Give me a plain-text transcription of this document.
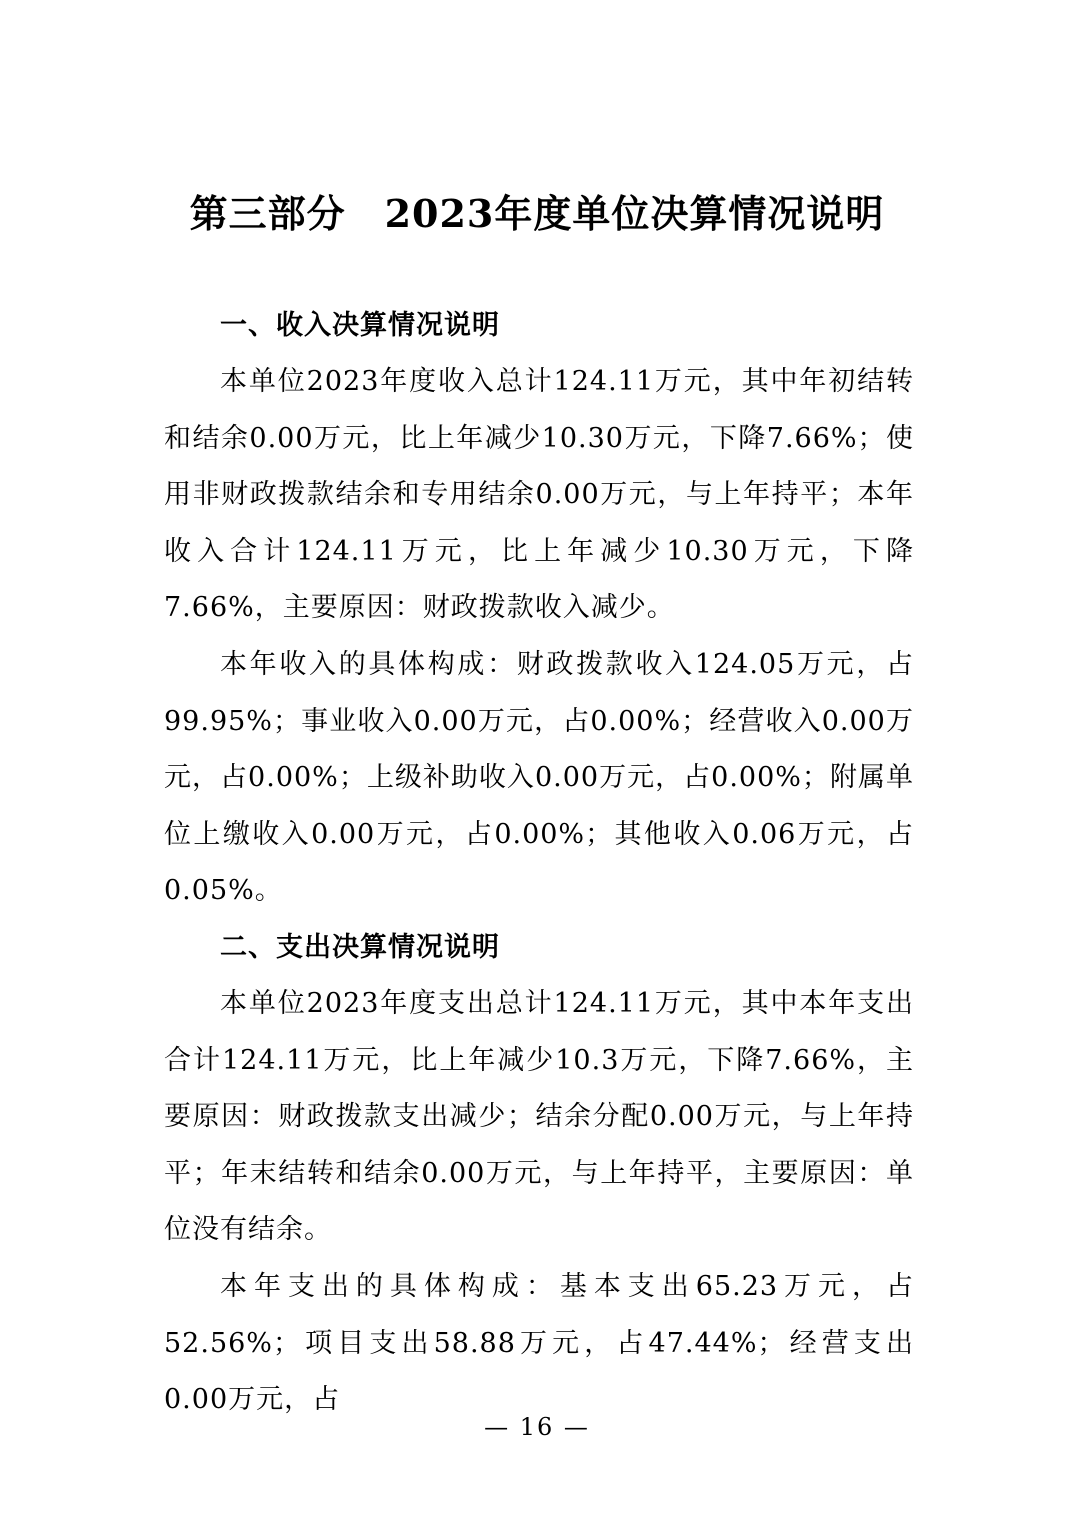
第三部分　2023年度单位决算情况说明
一、收入决算情况说明

本单位2023年度收入总计124.11万元，其中年初结转和结余0.00万元，比上年减少10.30万元，下降7.66%；使用非财政拨款结余和专用结余0.00万元，与上年持平；本年收入合计124.11万元，比上年减少10.30万元，下降7.66%，主要原因：财政拨款收入减少。

本年收入的具体构成：财政拨款收入124.05万元，占99.95%；事业收入0.00万元，占0.00%；经营收入0.00万元，占0.00%；上级补助收入0.00万元，占0.00%；附属单位上缴收入0.00万元，占0.00%；其他收入0.06万元，占0.05%。

二、支出决算情况说明

本单位2023年度支出总计124.11万元，其中本年支出合计124.11万元，比上年减少10.3万元，下降7.66%，主要原因：财政拨款支出减少；结余分配0.00万元，与上年持平；年末结转和结余0.00万元，与上年持平，主要原因：单位没有结余。

本年支出的具体构成：基本支出65.23万元，占52.56%；项目支出58.88万元，占47.44%；经营支出0.00万元，占

— 16 —
